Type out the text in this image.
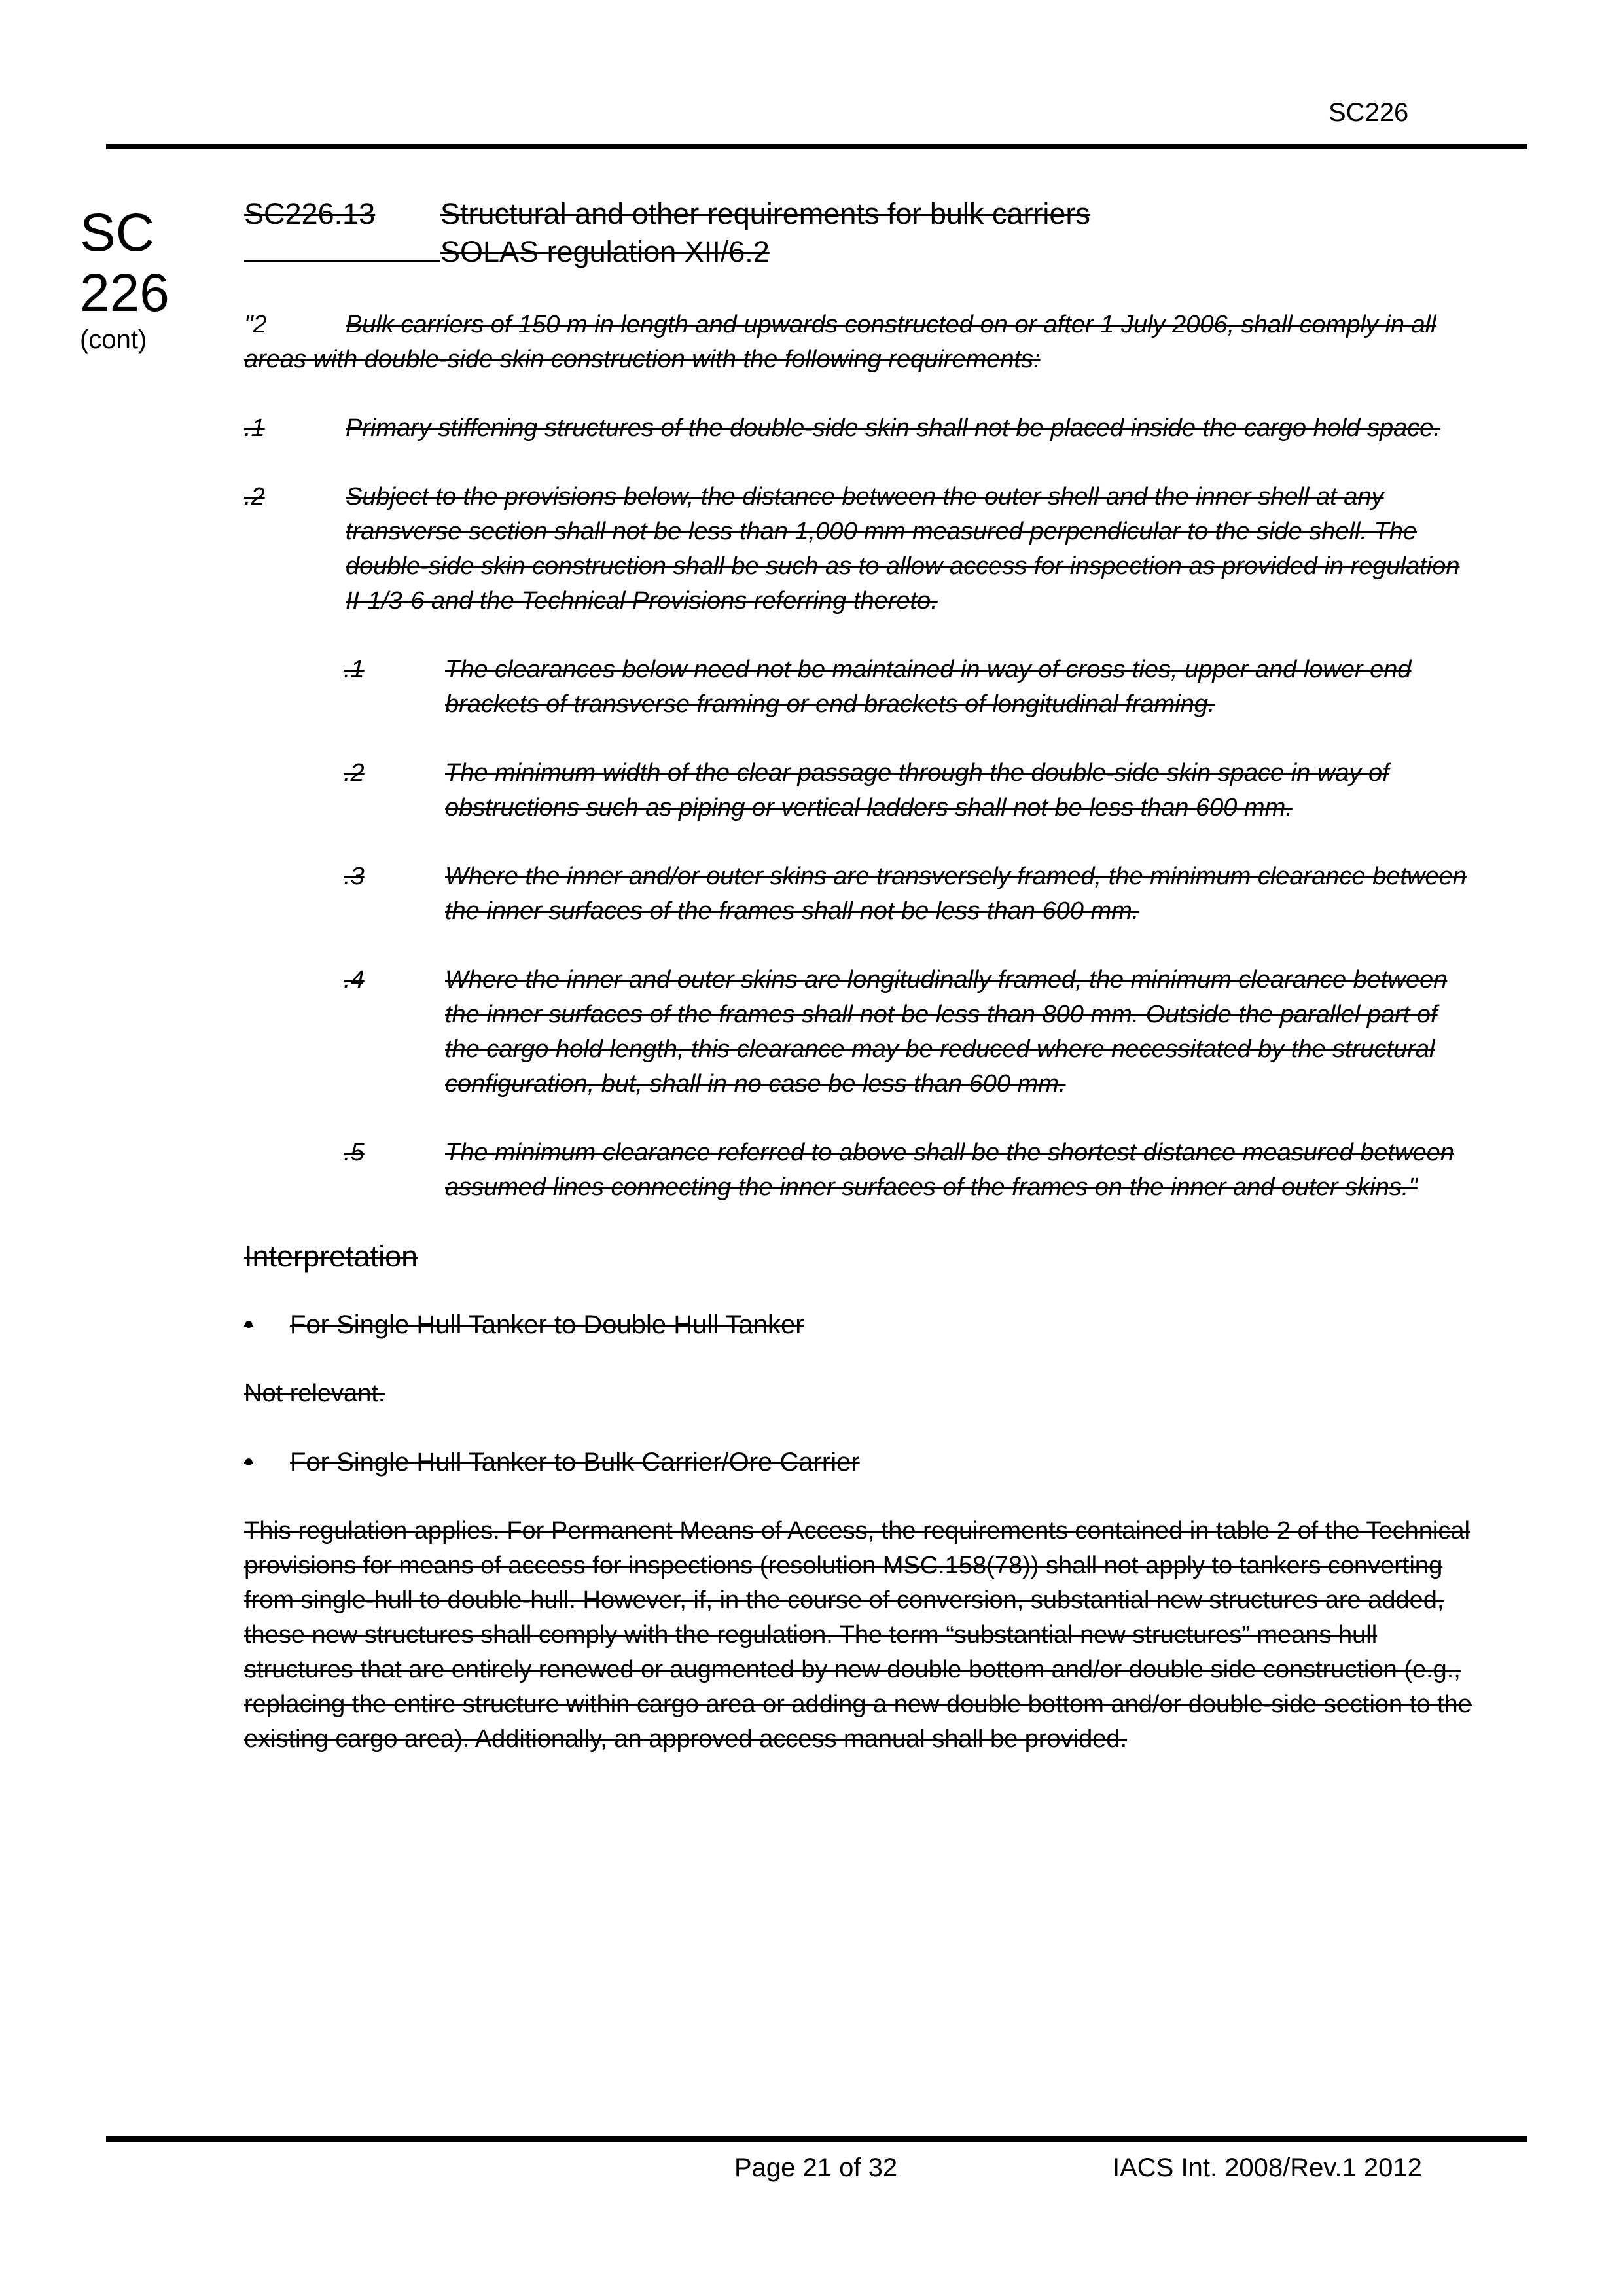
SC226
SC
226
(cont)
SC226.13	Structural and other requirements for bulk carriers
SOLAS regulation XII/6.2

"2	Bulk carriers of 150 m in length and upwards constructed on or after 1 July 2006, shall comply in all areas with double-side skin construction with the following requirements:

.1	Primary stiffening structures of the double-side skin shall not be placed inside the cargo hold space.
.2	Subject to the provisions below, the distance between the outer shell and the inner shell at any transverse section shall not be less than 1,000 mm measured perpendicular to the side shell. The double-side skin construction shall be such as to allow access for inspection as provided in regulation II-1/3-6 and the Technical Provisions referring thereto.
.1	The clearances below need not be maintained in way of cross ties, upper and lower end brackets of transverse framing or end brackets of longitudinal framing.
.2	The minimum width of the clear passage through the double-side skin space in way of obstructions such as piping or vertical ladders shall not be less than 600 mm.
.3	Where the inner and/or outer skins are transversely framed, the minimum clearance between the inner surfaces of the frames shall not be less than 600 mm.
.4	Where the inner and outer skins are longitudinally framed, the minimum clearance between the inner surfaces of the frames shall not be less than 800 mm. Outside the parallel part of the cargo hold length, this clearance may be reduced where necessitated by the structural configuration, but, shall in no case be less than 600 mm.
.5	The minimum clearance referred to above shall be the shortest distance measured between assumed lines connecting the inner surfaces of the frames on the inner and outer skins."
Interpretation
•	For Single Hull Tanker to Double Hull Tanker

Not relevant.

•	For Single Hull Tanker to Bulk Carrier/Ore Carrier

This regulation applies. For Permanent Means of Access, the requirements contained in table 2 of the Technical provisions for means of access for inspections (resolution MSC.158(78)) shall not apply to tankers converting from single-hull to double-hull. However, if, in the course of conversion, substantial new structures are added, these new structures shall comply with the regulation. The term “substantial new structures” means hull structures that are entirely renewed or augmented by new double bottom and/or double side construction (e.g., replacing the entire structure within cargo area or adding a new double bottom and/or double-side section to the existing cargo area). Additionally, an approved access manual shall be provided.

Page 21 of 32	IACS Int. 2008/Rev.1 2012
